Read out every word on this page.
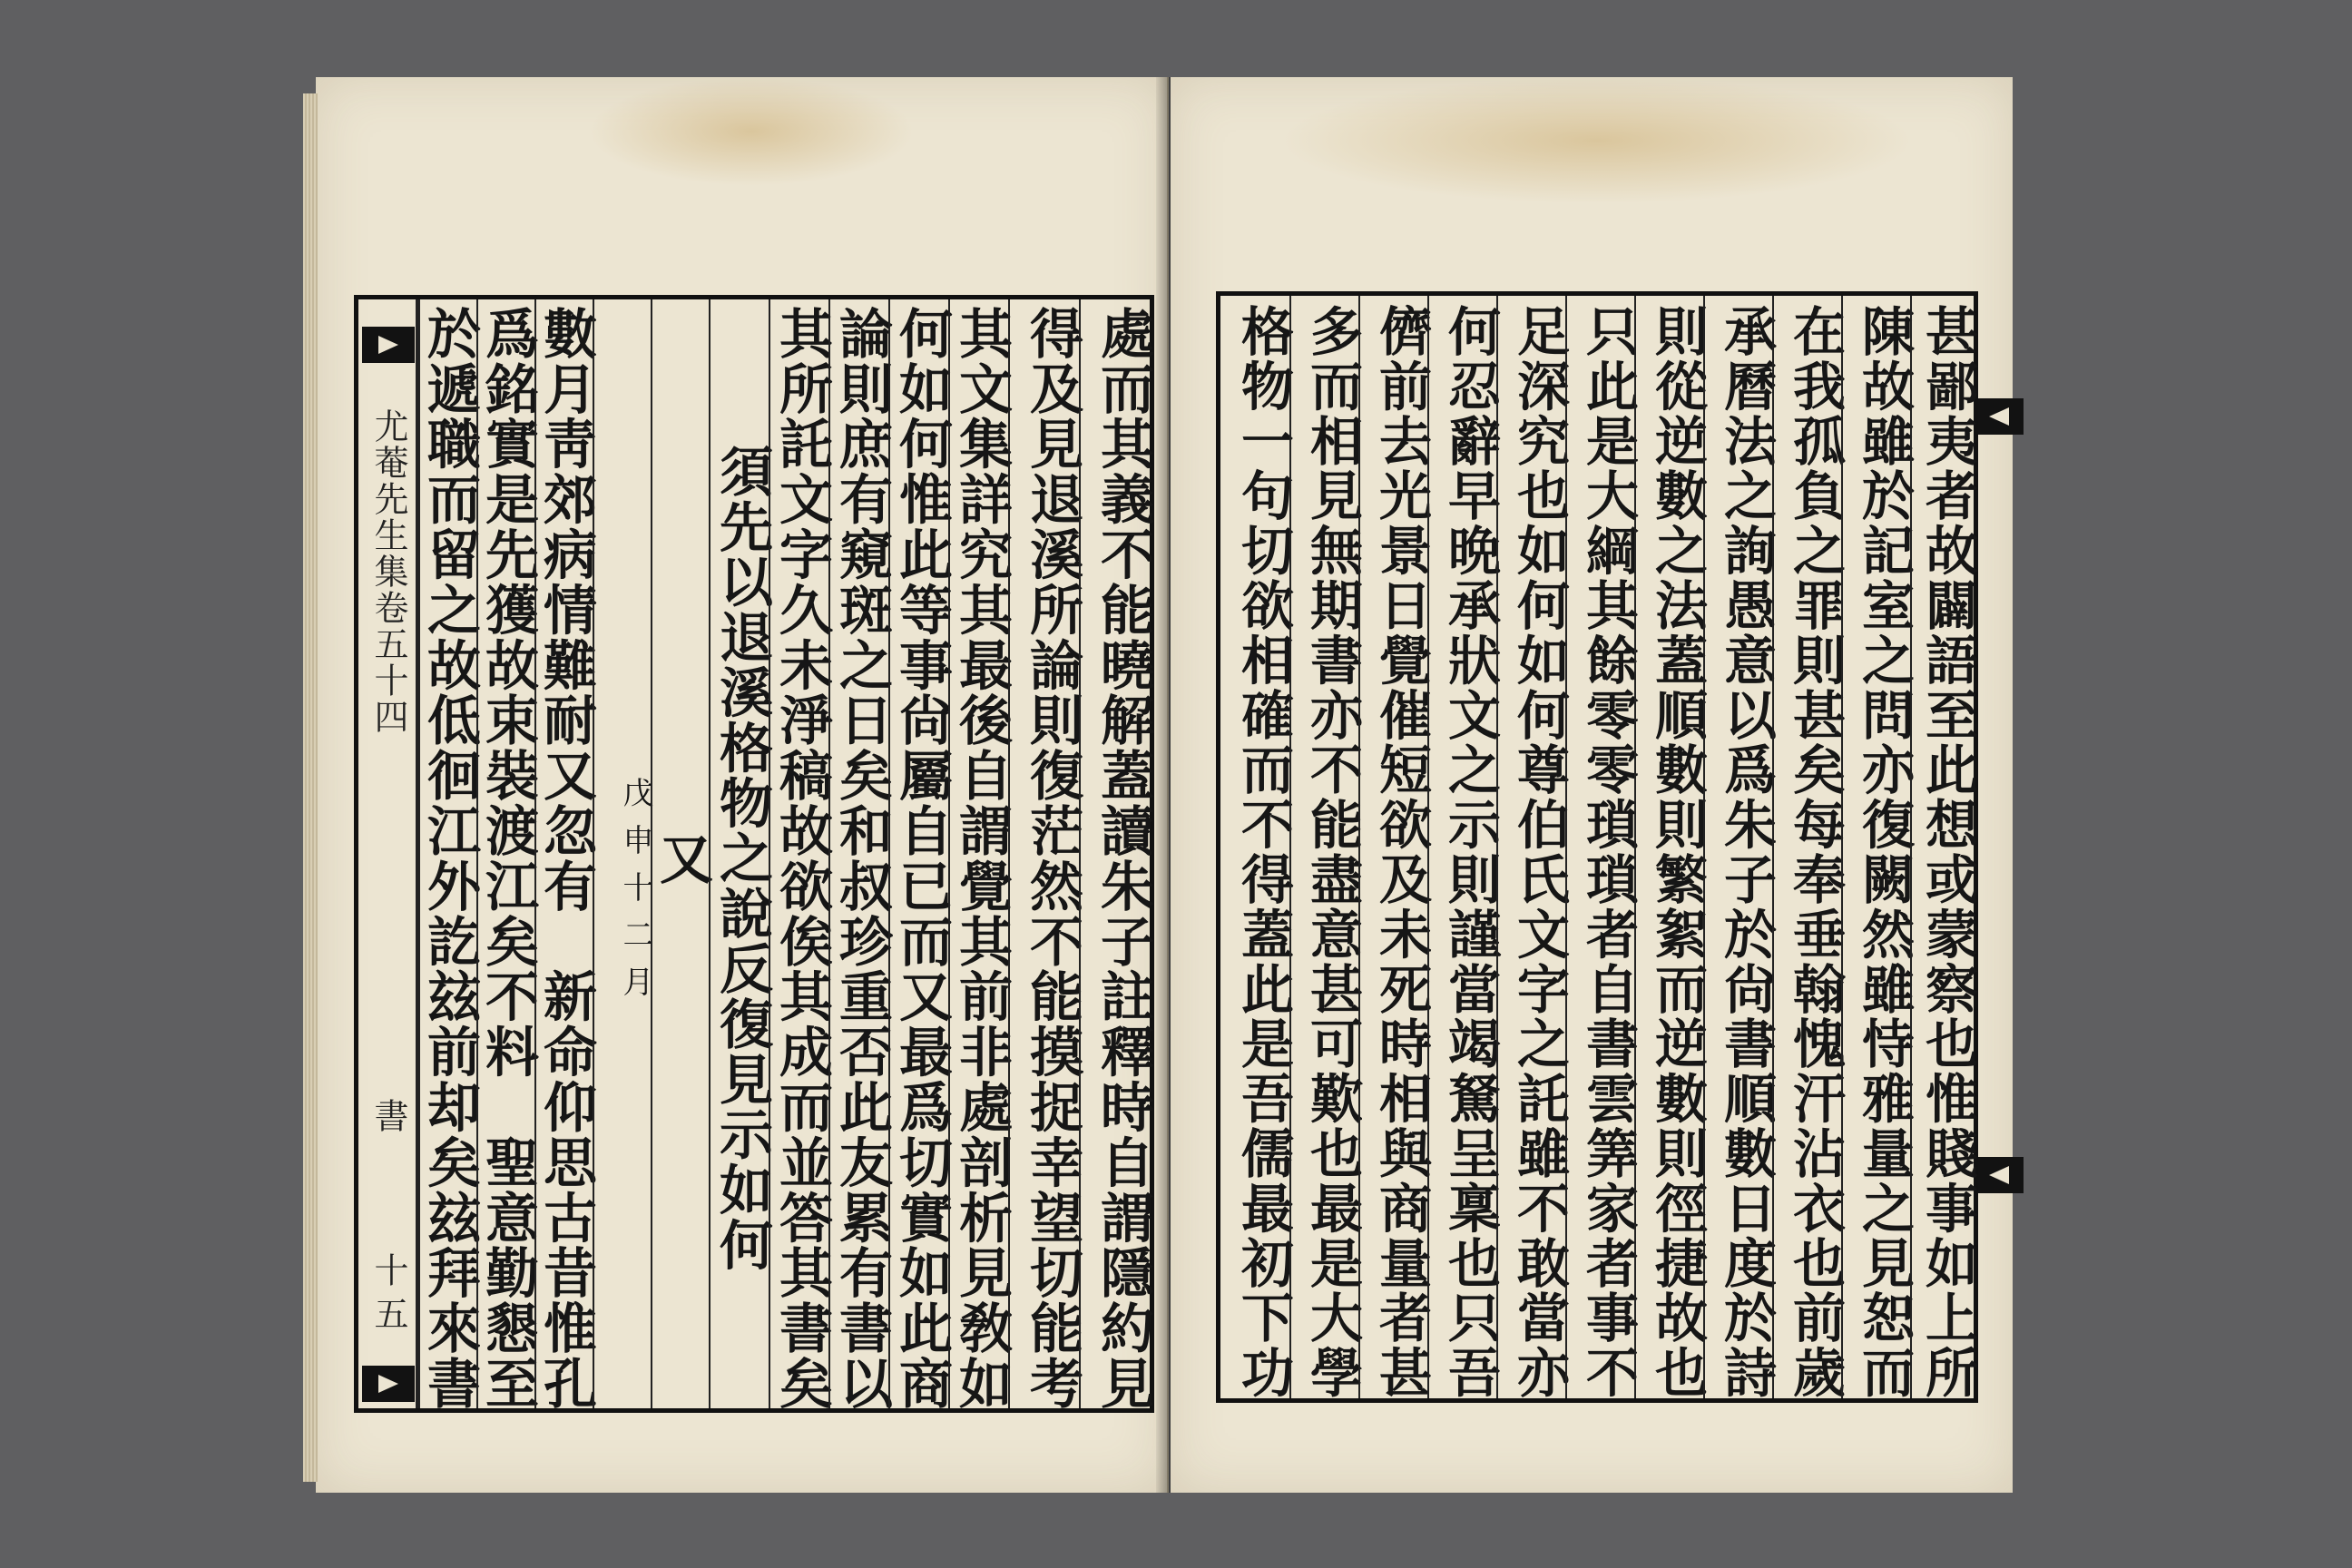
尤菴先生集卷五十四
書
十五 於遞職而留之故低徊江外訖玆前却矣玆拜來書
爲銘實是先獲故束裝渡江矣不料　聖意勤懇至
數月靑郊病情難耐又忽有　新命仰思古昔惟孔 戊申十二月
又
須先以退溪格物之說反復見示如何
其所託文字久未淨稿故欲俟其成而並答其書矣
論則庶有窺斑之日矣和叔珍重否此友累有書以
何如何惟此等事尙屬自已而又最爲切實如此商
其文集詳究其最後自謂覺其前非處剖析見敎如 得及見退溪所論則復茫然不能摸捉幸望切能考 處而其義不能曉解蓋讀朱子註釋時自謂隱約見 格物一句切欲相確而不得蓋此是吾儒最初下功 多而相見無期書亦不能盡意甚可歎也最是大學 儕前去光景日覺催短欲及未死時相與商量者甚 何忍辭早晩承狀文之示則謹當竭駑呈稟也只吾 足深究也如何如何尊伯氏文字之託雖不敢當亦 只此是大綱其餘零零瑣瑣者自書雲筭家者事不 則從逆數之法蓋順數則繁絮而逆數則徑捷故也 承曆法之詢愚意以爲朱子於尙書順數日度於詩 在我孤負之罪則甚矣每奉垂翰愧汗沾衣也前歲 陳故雖於記室之問亦復闕然雖恃雅量之見恕而 甚鄙夷者故闢語至此想或蒙察也惟賤事如上所
